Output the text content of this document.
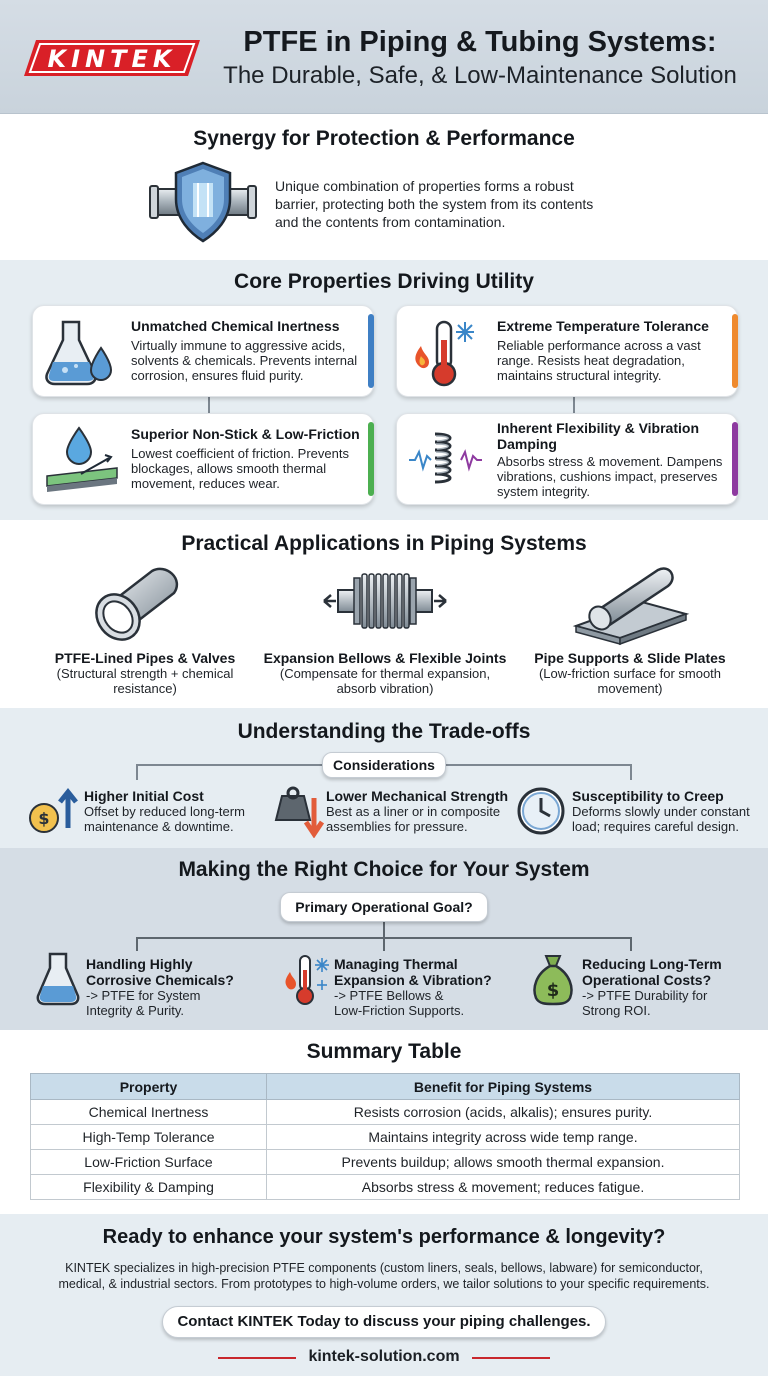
KINTEK
PTFE in Piping & Tubing Systems:
The Durable, Safe, & Low-Maintenance Solution
Synergy for Protection & Performance
Unique combination of properties forms a robust
barrier, protecting both the system from its contents
and the contents from contamination.
Core Properties Driving Utility
Unmatched Chemical Inertness
Virtually immune to aggressive acids,
solvents & chemicals. Prevents internal
corrosion, ensures fluid purity.
Extreme Temperature Tolerance
Reliable performance across a vast
range. Resists heat degradation,
maintains structural integrity.
Superior Non-Stick & Low-Friction
Lowest coefficient of friction. Prevents
blockages, allows smooth thermal
movement, reduces wear.
Inherent Flexibility & Vibration
Damping
Absorbs stress & movement. Dampens
vibrations, cushions impact, preserves
system integrity.
Practical Applications in Piping Systems
PTFE-Lined Pipes & Valves
(Structural strength + chemical
resistance)
Expansion Bellows & Flexible Joints
(Compensate for thermal expansion,
absorb vibration)
Pipe Supports & Slide Plates
(Low-friction surface for smooth
movement)
Understanding the Trade-offs
Considerations
$
Higher Initial Cost
Offset by reduced long-term
maintenance & downtime.
Lower Mechanical Strength
Best as a liner or in composite
assemblies for pressure.
Susceptibility to Creep
Deforms slowly under constant
load; requires careful design.
Making the Right Choice for Your System
Primary Operational Goal?
Handling Highly
Corrosive Chemicals?
-> PTFE for System
Integrity & Purity.
Managing Thermal
Expansion & Vibration?
-> PTFE Bellows &
Low-Friction Supports.
$
Reducing Long-Term
Operational Costs?
-> PTFE Durability for
Strong ROI.
Summary Table
Property	Benefit for Piping Systems
Chemical Inertness	Resists corrosion (acids, alkalis); ensures purity.
High-Temp Tolerance	Maintains integrity across wide temp range.
Low-Friction Surface	Prevents buildup; allows smooth thermal expansion.
Flexibility & Damping	Absorbs stress & movement; reduces fatigue.
Ready to enhance your system's performance & longevity?
KINTEK specializes in high-precision PTFE components (custom liners, seals, bellows, labware) for semiconductor,
medical, & industrial sectors. From prototypes to high-volume orders, we tailor solutions to your specific requirements.
Contact KINTEK Today to discuss your piping challenges.
kintek-solution.com
